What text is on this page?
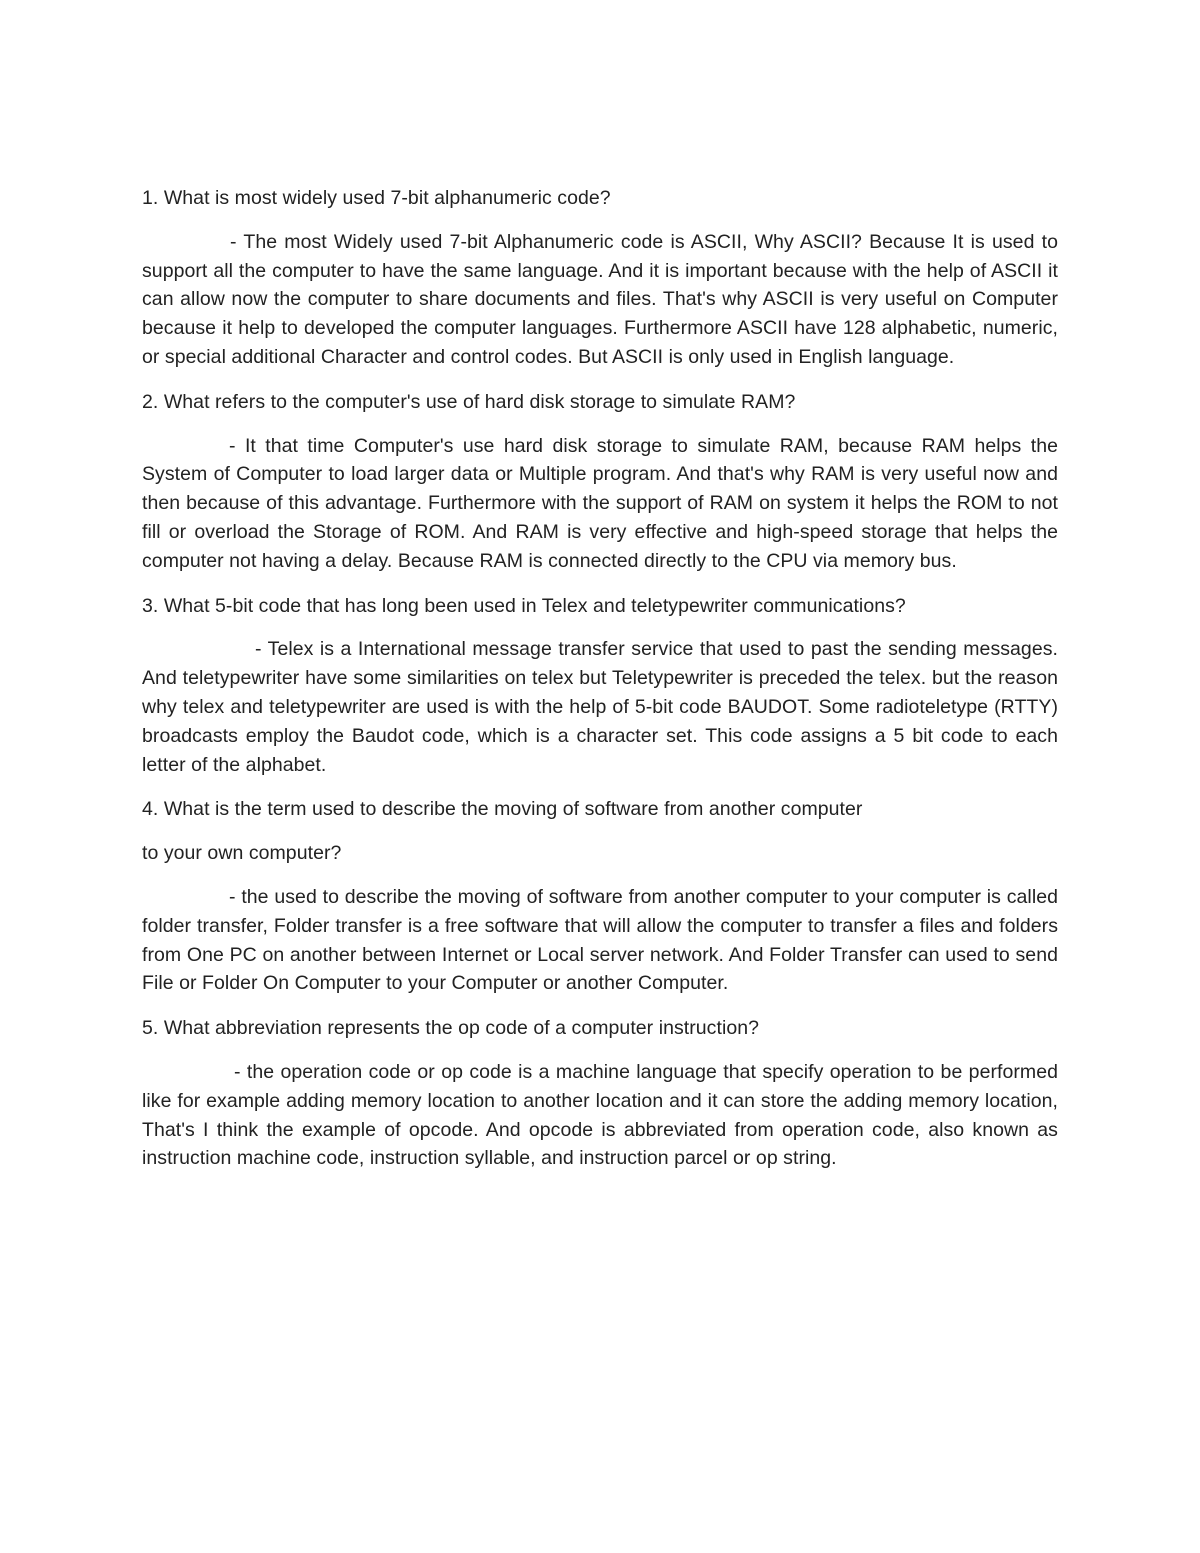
1. What is most widely used 7-bit alphanumeric code?

- The most Widely used 7-bit Alphanumeric code is ASCII, Why ASCII? Because It is used to support all the computer to have the same language. And it is important because with the help of ASCII it can allow now the computer to share documents and files. That's why ASCII is very useful on Computer because it help to developed the computer languages. Furthermore ASCII have 128 alphabetic, numeric, or special additional Character and control codes. But ASCII is only used in English language.

2. What refers to the computer's use of hard disk storage to simulate RAM?

- It that time Computer's use hard disk storage to simulate RAM, because RAM helps the System of Computer to load larger data or Multiple program. And that's why RAM is very useful now and then because of this advantage. Furthermore with the support of RAM on system it helps the ROM to not fill or overload the Storage of ROM. And RAM is very effective and high-speed storage that helps the computer not having a delay. Because RAM is connected directly to the CPU via memory bus.

3. What 5-bit code that has long been used in Telex and teletypewriter communications?

- Telex is a International message transfer service that used to past the sending messages. And teletypewriter have some similarities on telex but Teletypewriter is preceded the telex. but the reason why telex and teletypewriter are used is with the help of 5-bit code BAUDOT. Some radioteletype (RTTY) broadcasts employ the Baudot code, which is a character set. This code assigns a 5 bit code to each letter of the alphabet.

4. What is the term used to describe the moving of software from another computer

to your own computer?

- the used to describe the moving of software from another computer to your computer is called folder transfer, Folder transfer is a free software that will allow the computer to transfer a files and folders from One PC on another between Internet or Local server network. And Folder Transfer can used to send File or Folder On Computer to your Computer or another Computer.

5. What abbreviation represents the op code of a computer instruction?

- the operation code or op code is a machine language that specify operation to be performed like for example adding memory location to another location and it can store the adding memory location, That's I think the example of opcode. And opcode is abbreviated from operation code, also known as instruction machine code, instruction syllable, and instruction parcel or op string.
